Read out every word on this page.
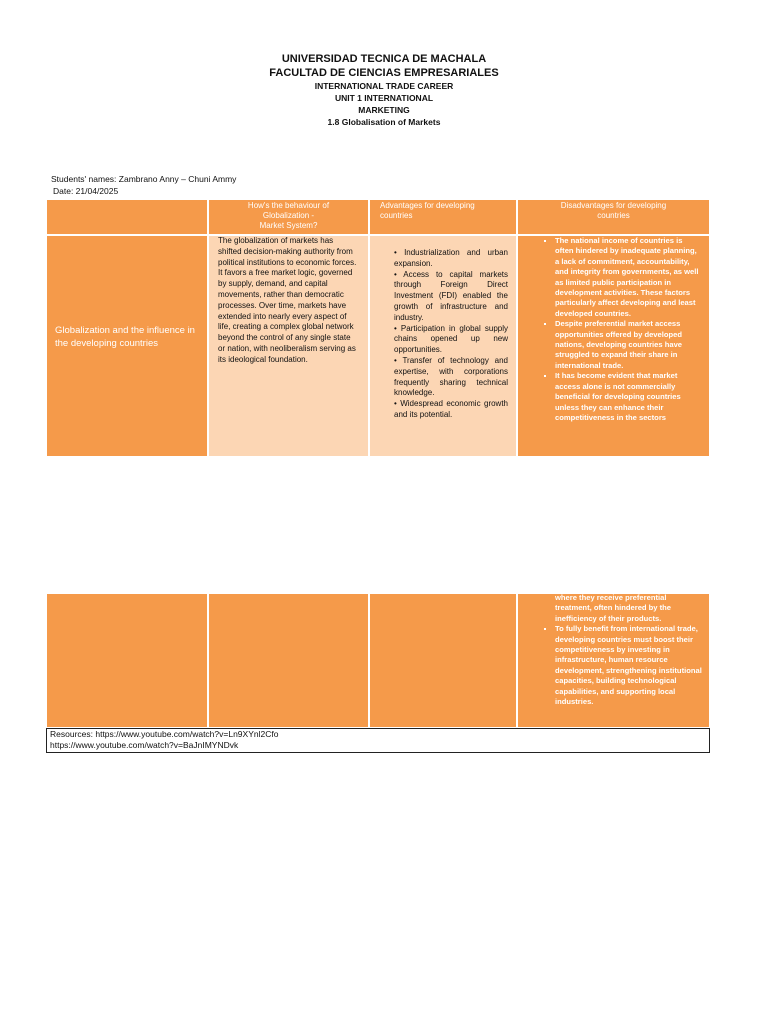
UNIVERSIDAD TECNICA DE MACHALA
FACULTAD DE CIENCIAS EMPRESARIALES
INTERNATIONAL TRADE CAREER
UNIT 1 INTERNATIONAL
MARKETING
1.8 Globalisation of Markets
Students' names: Zambrano Anny – Chuni Ammy
Date: 21/04/2025
How's the behaviour of
Globalization -
Market System?
Advantages for developing
countries
Disadvantages for developing
countries
Globalization and the influence in the developing countries
The globalization of markets has shifted decision-making authority from political institutions to economic forces. It favors a free market logic, governed by supply, demand, and capital movements, rather than democratic processes. Over time, markets have extended into nearly every aspect of life, creating a complex global network beyond the control of any single state or nation, with neoliberalism serving as its ideological foundation.
• Industrialization and urban expansion.
• Access to capital markets through Foreign Direct Investment (FDI) enabled the growth of infrastructure and industry.
• Participation in global supply chains opened up new opportunities.
• Transfer of technology and expertise, with corporations frequently sharing technical knowledge.
• Widespread economic growth and its potential.
▪ The national income of countries is often hindered by inadequate planning, a lack of commitment, accountability, and integrity from governments, as well as limited public participation in development activities. These factors particularly affect developing and least developed countries.
▪ Despite preferential market access opportunities offered by developed nations, developing countries have struggled to expand their share in international trade.
▪ It has become evident that market access alone is not commercially beneficial for developing countries unless they can enhance their competitiveness in the sectors
where they receive preferential treatment, often hindered by the inefficiency of their products.
▪ To fully benefit from international trade, developing countries must boost their competitiveness by investing in infrastructure, human resource development, strengthening institutional capacities, building technological capabilities, and supporting local industries.
Resources: https://www.youtube.com/watch?v=Ln9XYnl2Cfo
https://www.youtube.com/watch?v=BaJnIMYNDvk
